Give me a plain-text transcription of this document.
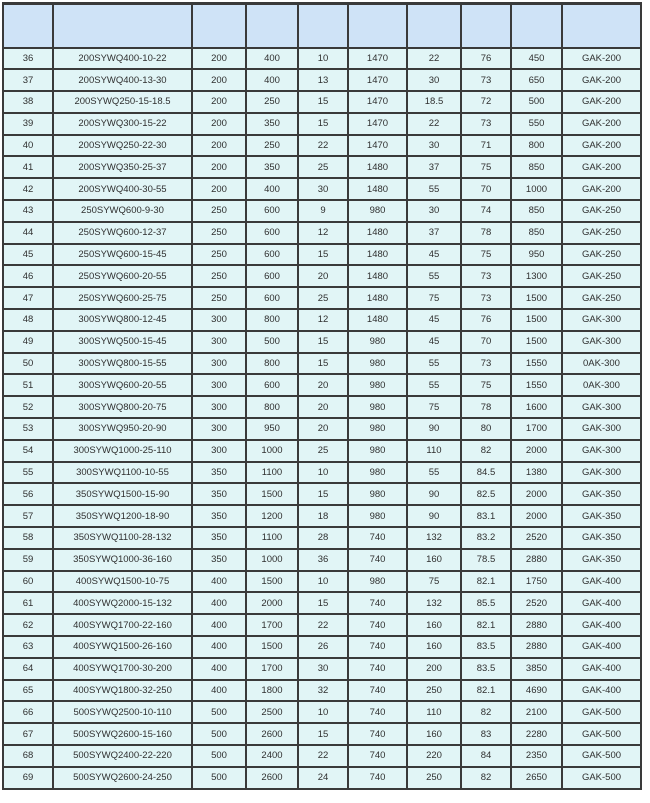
36	200SYWQ400-10-22	200	400	10	1470	22	76	450	GAK-200
37	200SYWQ400-13-30	200	400	13	1470	30	73	650	GAK-200
38	200SYWQ250-15-18.5	200	250	15	1470	18.5	72	500	GAK-200
39	200SYWQ300-15-22	200	350	15	1470	22	73	550	GAK-200
40	200SYWQ250-22-30	200	250	22	1470	30	71	800	GAK-200
41	200SYWQ350-25-37	200	350	25	1480	37	75	850	GAK-200
42	200SYWQ400-30-55	200	400	30	1480	55	70	1000	GAK-200
43	250SYWQ600-9-30	250	600	9	980	30	74	850	GAK-250
44	250SYWQ600-12-37	250	600	12	1480	37	78	850	GAK-250
45	250SYWQ600-15-45	250	600	15	1480	45	75	950	GAK-250
46	250SYWQ600-20-55	250	600	20	1480	55	73	1300	GAK-250
47	250SYWQ600-25-75	250	600	25	1480	75	73	1500	GAK-250
48	300SYWQ800-12-45	300	800	12	1480	45	76	1500	GAK-300
49	300SYWQ500-15-45	300	500	15	980	45	70	1500	GAK-300
50	300SYWQ800-15-55	300	800	15	980	55	73	1550	0AK-300
51	300SYWQ600-20-55	300	600	20	980	55	75	1550	0AK-300
52	300SYWQ800-20-75	300	800	20	980	75	78	1600	GAK-300
53	300SYWQ950-20-90	300	950	20	980	90	80	1700	GAK-300
54	300SYWQ1000-25-110	300	1000	25	980	110	82	2000	GAK-300
55	300SYWQ1100-10-55	350	1100	10	980	55	84.5	1380	GAK-300
56	350SYWQ1500-15-90	350	1500	15	980	90	82.5	2000	GAK-350
57	350SYWQ1200-18-90	350	1200	18	980	90	83.1	2000	GAK-350
58	350SYWQ1100-28-132	350	1100	28	740	132	83.2	2520	GAK-350
59	350SYWQ1000-36-160	350	1000	36	740	160	78.5	2880	GAK-350
60	400SYWQ1500-10-75	400	1500	10	980	75	82.1	1750	GAK-400
61	400SYWQ2000-15-132	400	2000	15	740	132	85.5	2520	GAK-400
62	400SYWQ1700-22-160	400	1700	22	740	160	82.1	2880	GAK-400
63	400SYWQ1500-26-160	400	1500	26	740	160	83.5	2880	GAK-400
64	400SYWQ1700-30-200	400	1700	30	740	200	83.5	3850	GAK-400
65	400SYWQ1800-32-250	400	1800	32	740	250	82.1	4690	GAK-400
66	500SYWQ2500-10-110	500	2500	10	740	110	82	2100	GAK-500
67	500SYWQ2600-15-160	500	2600	15	740	160	83	2280	GAK-500
68	500SYWQ2400-22-220	500	2400	22	740	220	84	2350	GAK-500
69	500SYWQ2600-24-250	500	2600	24	740	250	82	2650	GAK-500
